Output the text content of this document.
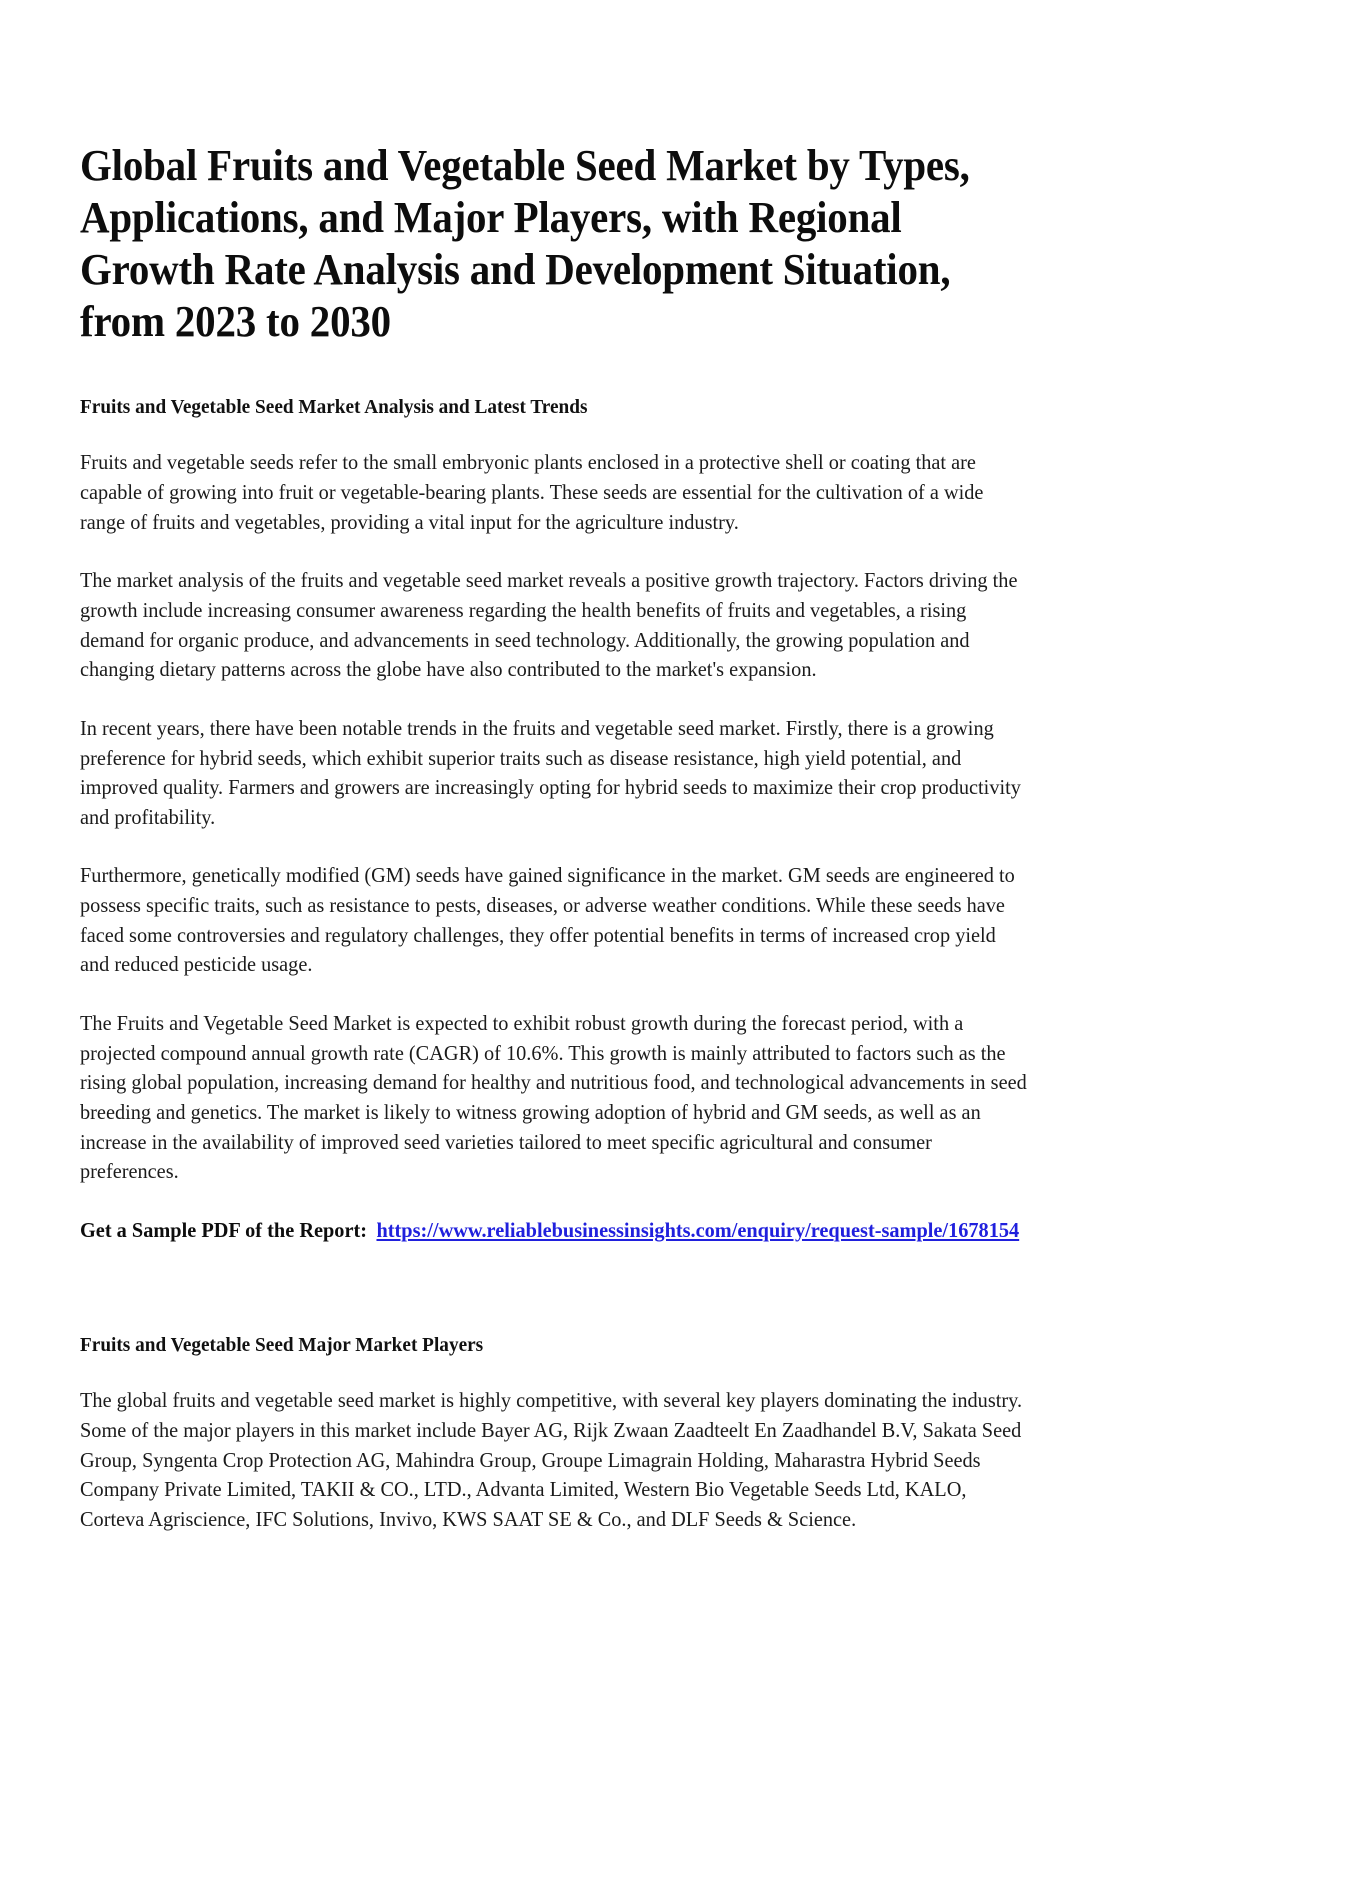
Global Fruits and Vegetable Seed Market by Types, Applications, and Major Players, with Regional Growth Rate Analysis and Development Situation, from 2023 to 2030
Fruits and Vegetable Seed Market Analysis and Latest Trends

Fruits and vegetable seeds refer to the small embryonic plants enclosed in a protective shell or coating that are capable of growing into fruit or vegetable-bearing plants. These seeds are essential for the cultivation of a wide range of fruits and vegetables, providing a vital input for the agriculture industry.

The market analysis of the fruits and vegetable seed market reveals a positive growth trajectory. Factors driving the growth include increasing consumer awareness regarding the health benefits of fruits and vegetables, a rising demand for organic produce, and advancements in seed technology. Additionally, the growing population and changing dietary patterns across the globe have also contributed to the market's expansion.

In recent years, there have been notable trends in the fruits and vegetable seed market. Firstly, there is a growing preference for hybrid seeds, which exhibit superior traits such as disease resistance, high yield potential, and improved quality. Farmers and growers are increasingly opting for hybrid seeds to maximize their crop productivity and profitability.

Furthermore, genetically modified (GM) seeds have gained significance in the market. GM seeds are engineered to possess specific traits, such as resistance to pests, diseases, or adverse weather conditions. While these seeds have faced some controversies and regulatory challenges, they offer potential benefits in terms of increased crop yield and reduced pesticide usage.

The Fruits and Vegetable Seed Market is expected to exhibit robust growth during the forecast period, with a projected compound annual growth rate (CAGR) of 10.6%. This growth is mainly attributed to factors such as the rising global population, increasing demand for healthy and nutritious food, and technological advancements in seed breeding and genetics. The market is likely to witness growing adoption of hybrid and GM seeds, as well as an increase in the availability of improved seed varieties tailored to meet specific agricultural and consumer preferences.

Get a Sample PDF of the Report: https://www.reliablebusinessinsights.com/enquiry/request-sample/1678154

Fruits and Vegetable Seed Major Market Players

The global fruits and vegetable seed market is highly competitive, with several key players dominating the industry. Some of the major players in this market include Bayer AG, Rijk Zwaan Zaadteelt En Zaadhandel B.V, Sakata Seed Group, Syngenta Crop Protection AG, Mahindra Group, Groupe Limagrain Holding, Maharastra Hybrid Seeds Company Private Limited, TAKII & CO., LTD., Advanta Limited, Western Bio Vegetable Seeds Ltd, KALO, Corteva Agriscience, IFC Solutions, Invivo, KWS SAAT SE & Co., and DLF Seeds & Science.
